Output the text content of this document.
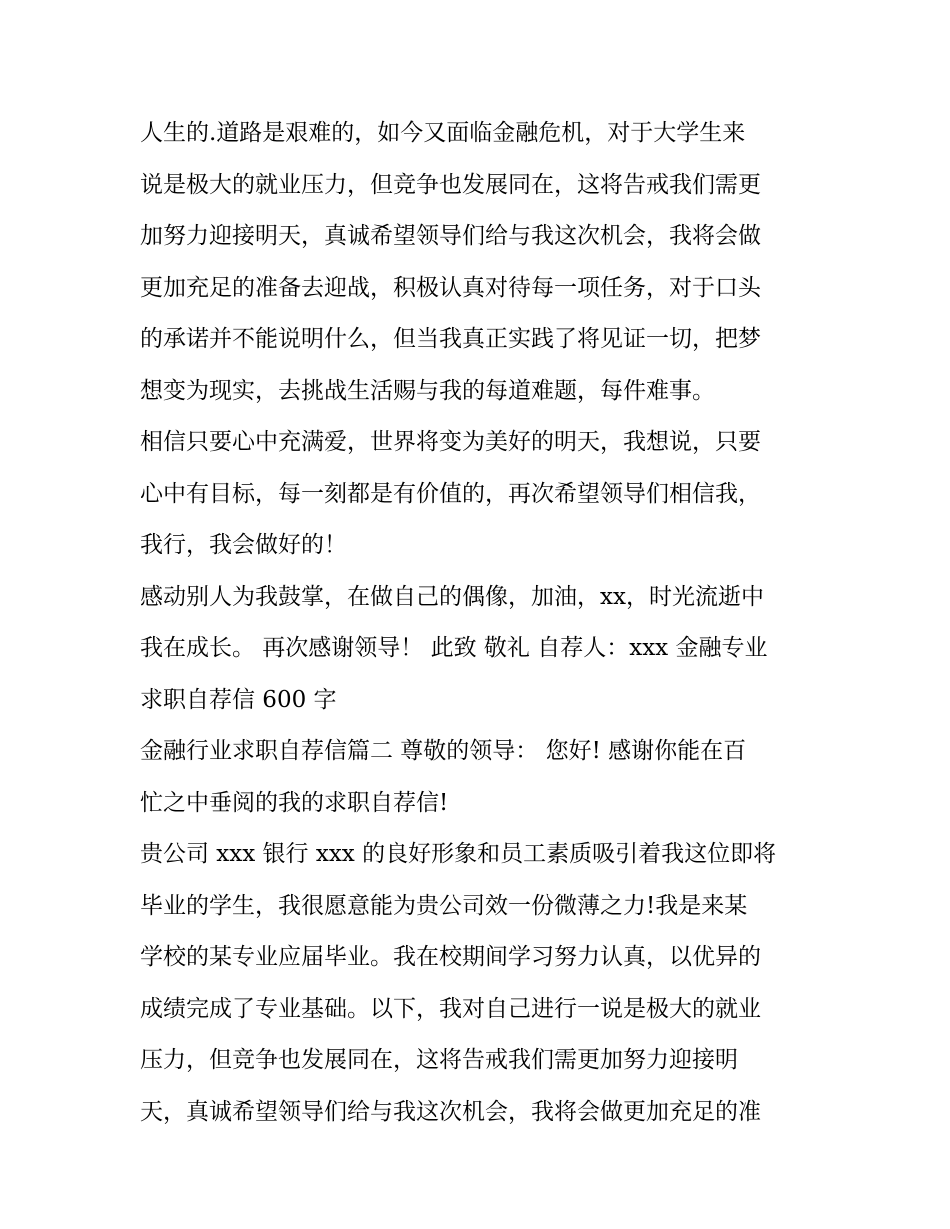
人生的.道路是艰难的，如今又面临金融危机，对于大学生来
说是极大的就业压力，但竞争也发展同在，这将告戒我们需更
加努力迎接明天，真诚希望领导们给与我这次机会，我将会做
更加充足的准备去迎战，积极认真对待每一项任务，对于口头
的承诺并不能说明什么，但当我真正实践了将见证一切，把梦
想变为现实，去挑战生活赐与我的每道难题，每件难事。
相信只要心中充满爱，世界将变为美好的明天，我想说，只要
心中有目标，每一刻都是有价值的，再次希望领导们相信我，
我行，我会做好的！
感动别人为我鼓掌，在做自己的偶像，加油，xx，时光流逝中
我在成长。 再次感谢领导！ 此致 敬礼 自荐人：xxx 金融专业
求职自荐信 600 字
金融行业求职自荐信篇二 尊敬的领导： 您好! 感谢你能在百
忙之中垂阅的我的求职自荐信!
贵公司 xxx 银行 xxx 的良好形象和员工素质吸引着我这位即将
毕业的学生，我很愿意能为贵公司效一份微薄之力!我是来某
学校的某专业应届毕业。我在校期间学习努力认真，以优异的
成绩完成了专业基础。以下，我对自己进行一说是极大的就业
压力，但竞争也发展同在，这将告戒我们需更加努力迎接明
天，真诚希望领导们给与我这次机会，我将会做更加充足的准
